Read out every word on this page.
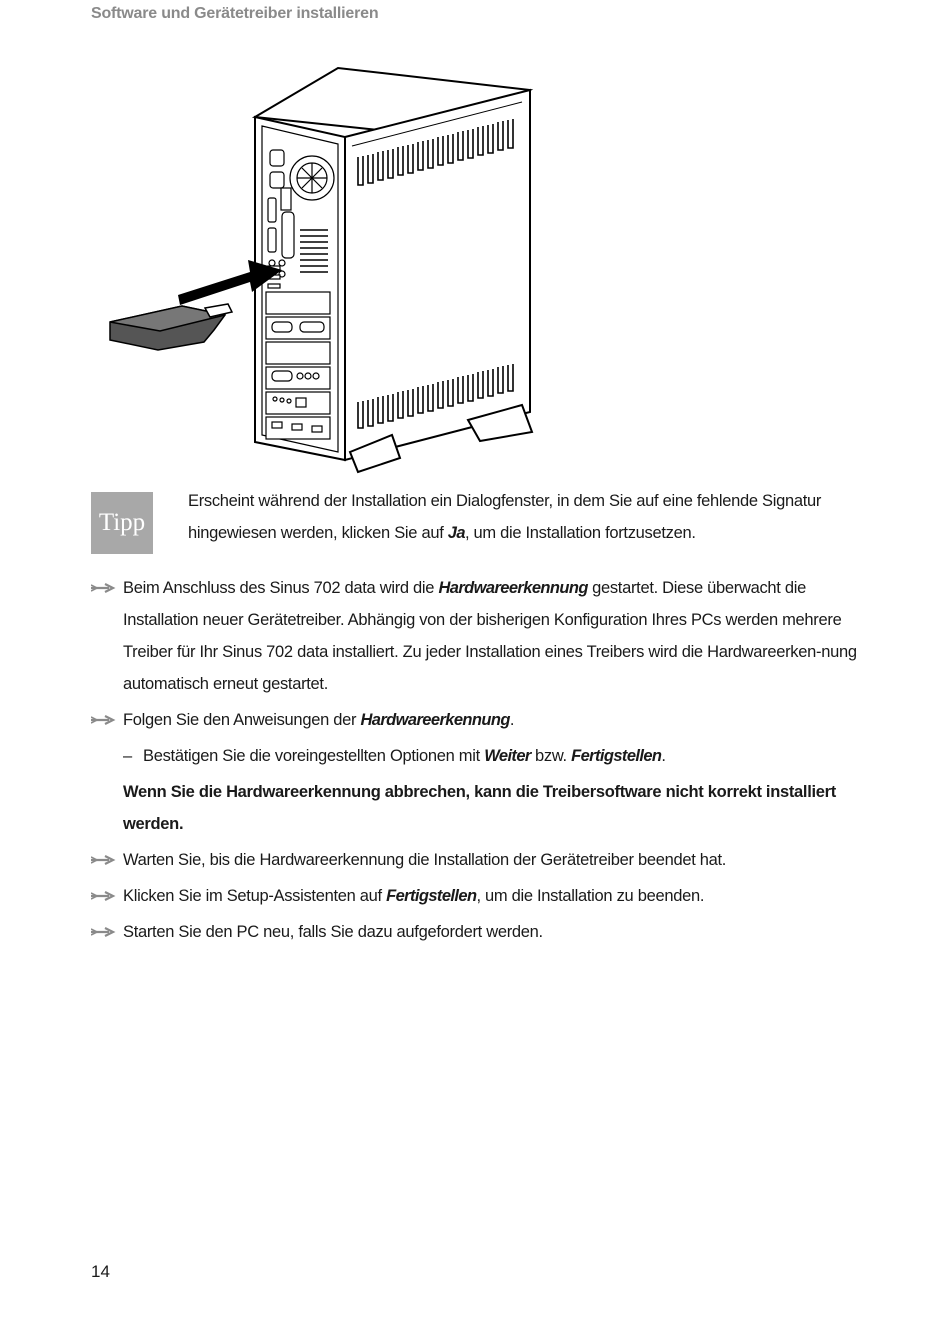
Software und Gerätetreiber installieren
Tipp
Erscheint während der Installation ein Dialogfenster, in dem Sie auf eine fehlende Signatur hingewiesen werden, klicken Sie auf Ja, um die Installation fortzusetzen.
Beim Anschluss des Sinus 702 data wird die Hardwareerkennung gestartet. Diese überwacht die Installation neuer Gerätetreiber. Abhängig von der bisherigen Konfiguration Ihres PCs werden mehrere Treiber für Ihr Sinus 702 data installiert. Zu jeder Installation eines Treibers wird die Hardwareerken-nung automatisch erneut gestartet.
Folgen Sie den Anweisungen der Hardwareerkennung.
– Bestätigen Sie die voreingestellten Optionen mit Weiter bzw. Fertigstellen.
Wenn Sie die Hardwareerkennung abbrechen, kann die Treibersoftware nicht korrekt installiert werden.
Warten Sie, bis die Hardwareerkennung die Installation der Gerätetreiber beendet hat.
Klicken Sie im Setup-Assistenten auf Fertigstellen, um die Installation zu beenden.
Starten Sie den PC neu, falls Sie dazu aufgefordert werden.
14
